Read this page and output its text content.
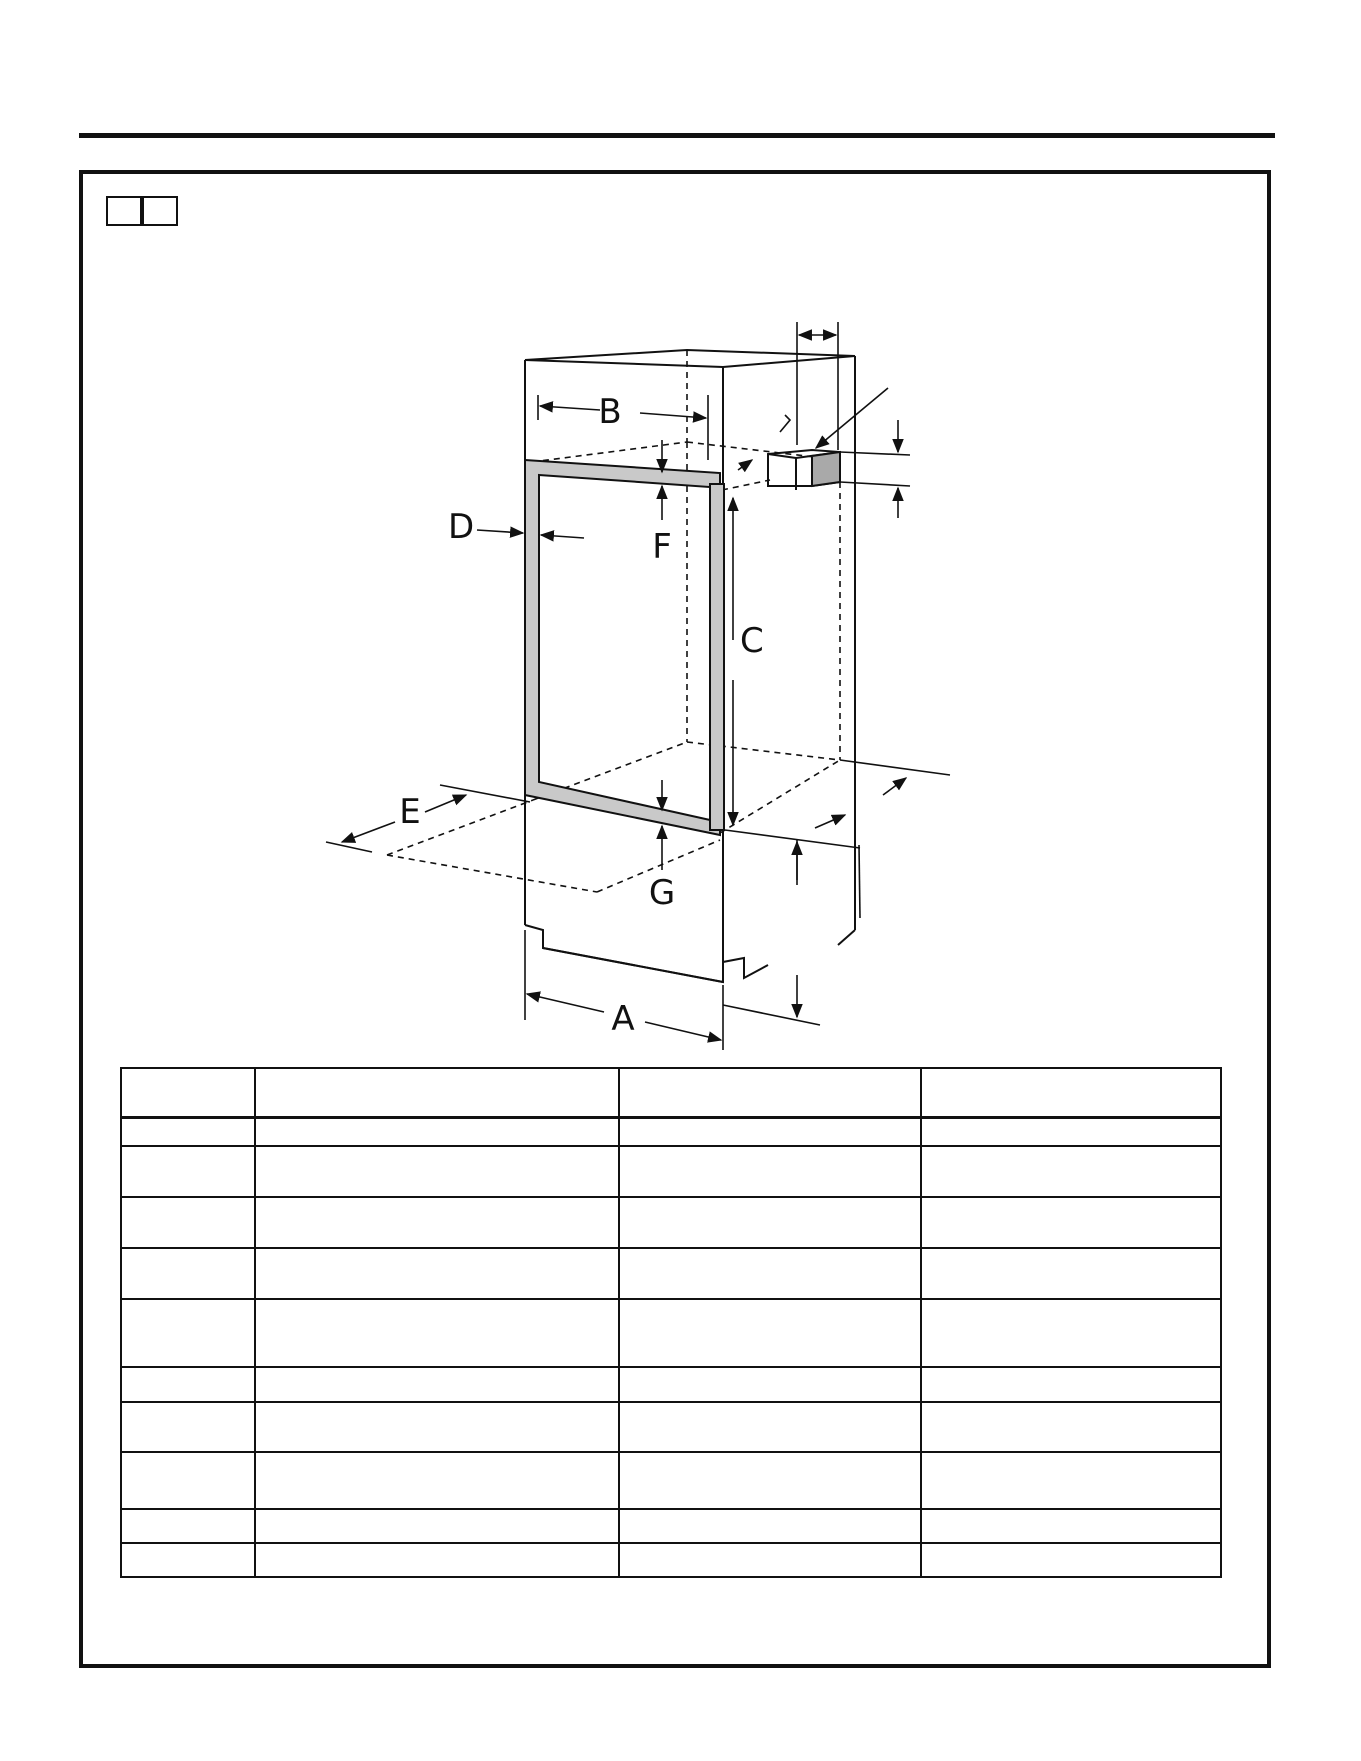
B
C
D
E
F
G
A
